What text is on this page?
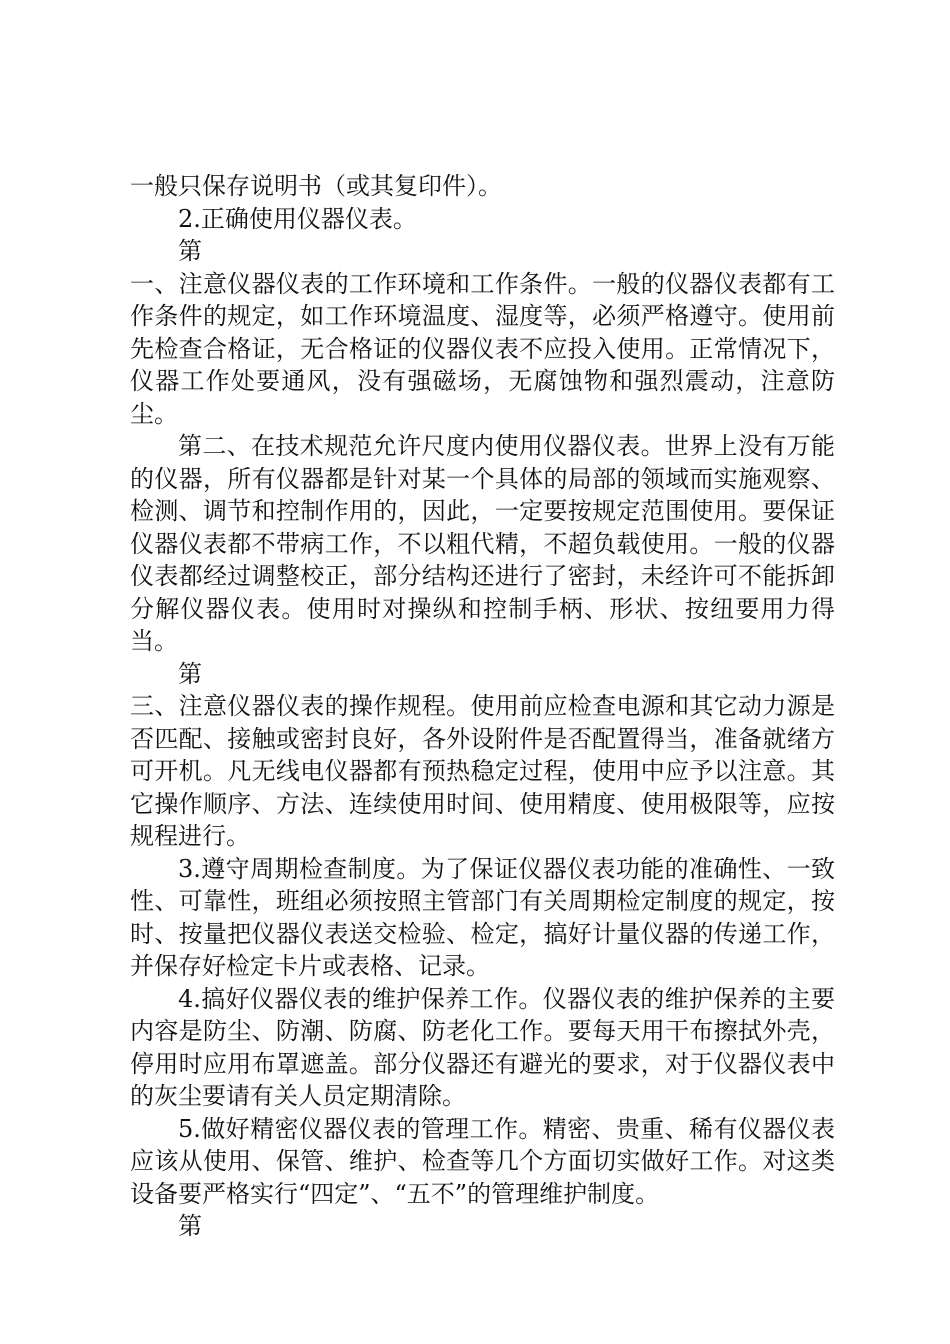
一般只保存说明书（或其复印件）。

2.正确使用仪器仪表。

第

一、注意仪器仪表的工作环境和工作条件。一般的仪器仪表都有工作条件的规定，如工作环境温度、湿度等，必须严格遵守。使用前先检查合格证，无合格证的仪器仪表不应投入使用。正常情况下，仪器工作处要通风，没有强磁场，无腐蚀物和强烈震动，注意防尘。

第二、在技术规范允许尺度内使用仪器仪表。世界上没有万能的仪器，所有仪器都是针对某一个具体的局部的领域而实施观察、检测、调节和控制作用的，因此，一定要按规定范围使用。要保证仪器仪表都不带病工作，不以粗代精，不超负载使用。一般的仪器仪表都经过调整校正，部分结构还进行了密封，未经许可不能拆卸分解仪器仪表。使用时对操纵和控制手柄、形状、按纽要用力得当。

第

三、注意仪器仪表的操作规程。使用前应检查电源和其它动力源是否匹配、接触或密封良好，各外设附件是否配置得当，准备就绪方可开机。凡无线电仪器都有预热稳定过程，使用中应予以注意。其它操作顺序、方法、连续使用时间、使用精度、使用极限等，应按规程进行。

3.遵守周期检查制度。为了保证仪器仪表功能的准确性、一致性、可靠性，班组必须按照主管部门有关周期检定制度的规定，按时、按量把仪器仪表送交检验、检定，搞好计量仪器的传递工作，并保存好检定卡片或表格、记录。

4.搞好仪器仪表的维护保养工作。仪器仪表的维护保养的主要内容是防尘、防潮、防腐、防老化工作。要每天用干布擦拭外壳，停用时应用布罩遮盖。部分仪器还有避光的要求，对于仪器仪表中的灰尘要请有关人员定期清除。

5.做好精密仪器仪表的管理工作。精密、贵重、稀有仪器仪表应该从使用、保管、维护、检查等几个方面切实做好工作。对这类设备要严格实行“四定”、“五不”的管理维护制度。

第
